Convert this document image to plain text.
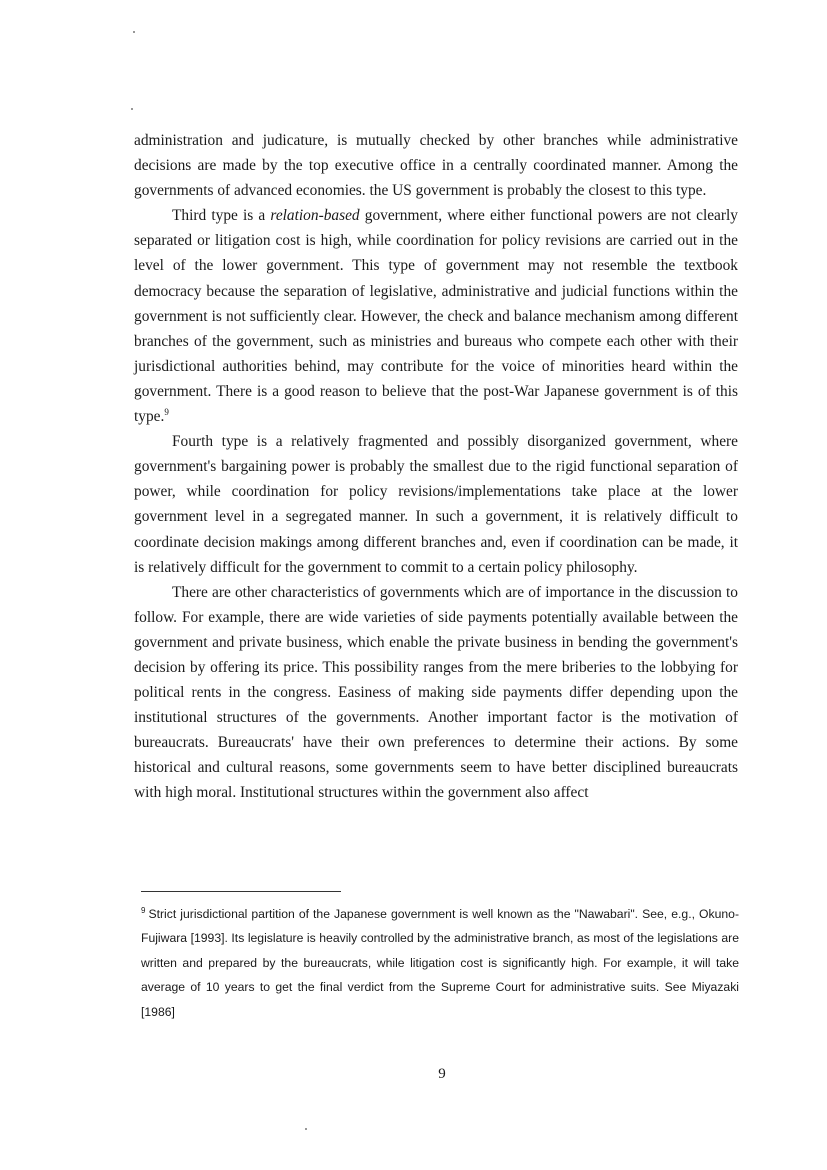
administration and judicature, is mutually checked by other branches while administrative decisions are made by the top executive office in a centrally coordinated manner. Among the governments of advanced economies. the US government is probably the closest to this type.

Third type is a relation-based government, where either functional powers are not clearly separated or litigation cost is high, while coordination for policy revisions are carried out in the level of the lower government. This type of government may not resemble the textbook democracy because the separation of legislative, administrative and judicial functions within the government is not sufficiently clear. However, the check and balance mechanism among different branches of the government, such as ministries and bureaus who compete each other with their jurisdictional authorities behind, may contribute for the voice of minorities heard within the government. There is a good reason to believe that the post-War Japanese government is of this type.$^9$

Fourth type is a relatively fragmented and possibly disorganized government, where government's bargaining power is probably the smallest due to the rigid functional separation of power, while coordination for policy revisions/implementations take place at the lower government level in a segregated manner. In such a government, it is relatively difficult to coordinate decision makings among different branches and, even if coordination can be made, it is relatively difficult for the government to commit to a certain policy philosophy.

There are other characteristics of governments which are of importance in the discussion to follow. For example, there are wide varieties of side payments potentially available between the government and private business, which enable the private business in bending the government's decision by offering its price. This possibility ranges from the mere briberies to the lobbying for political rents in the congress. Easiness of making side payments differ depending upon the institutional structures of the governments. Another important factor is the motivation of bureaucrats. Bureaucrats' have their own preferences to determine their actions. By some historical and cultural reasons, some governments seem to have better disciplined bureaucrats with high moral. Institutional structures within the government also affect

$^9$ Strict jurisdictional partition of the Japanese government is well known as the "Nawabari". See, e.g., Okuno-Fujiwara [1993]. Its legislature is heavily controlled by the administrative branch, as most of the legislations are written and prepared by the bureaucrats, while litigation cost is significantly high. For example, it will take average of 10 years to get the final verdict from the Supreme Court for administrative suits. See Miyazaki [1986]
9
